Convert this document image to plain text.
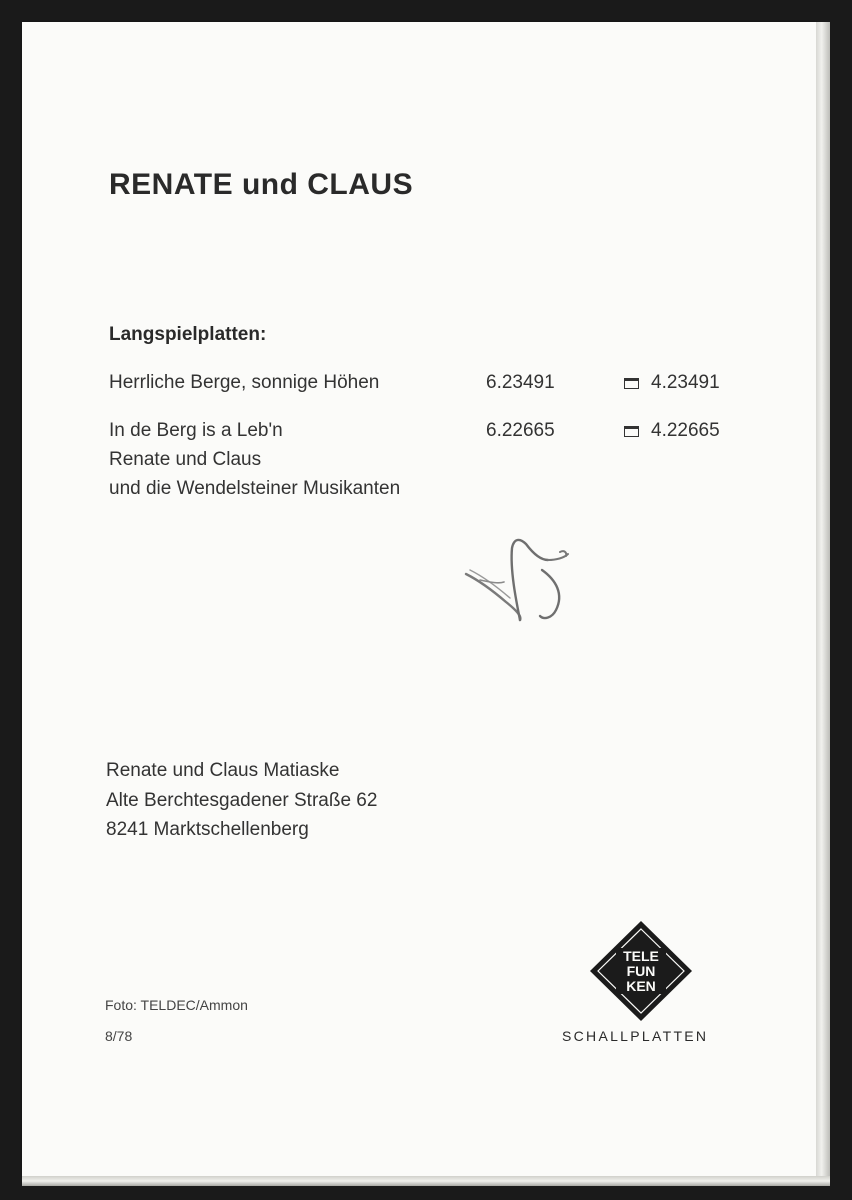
RENATE und CLAUS
Langspielplatten:
Herrliche Berge, sonnige Höhen	6.23491	4.23491
In de Berg is a Leb'n	6.22665	4.22665
Renate und Claus
und die Wendelsteiner Musikanten
Renate und Claus Matiaske
Alte Berchtesgadener Straße 62
8241 Marktschellenberg
Foto: TELDEC/Ammon
8/78
TELE
FUN
KEN
SCHALLPLATTEN
